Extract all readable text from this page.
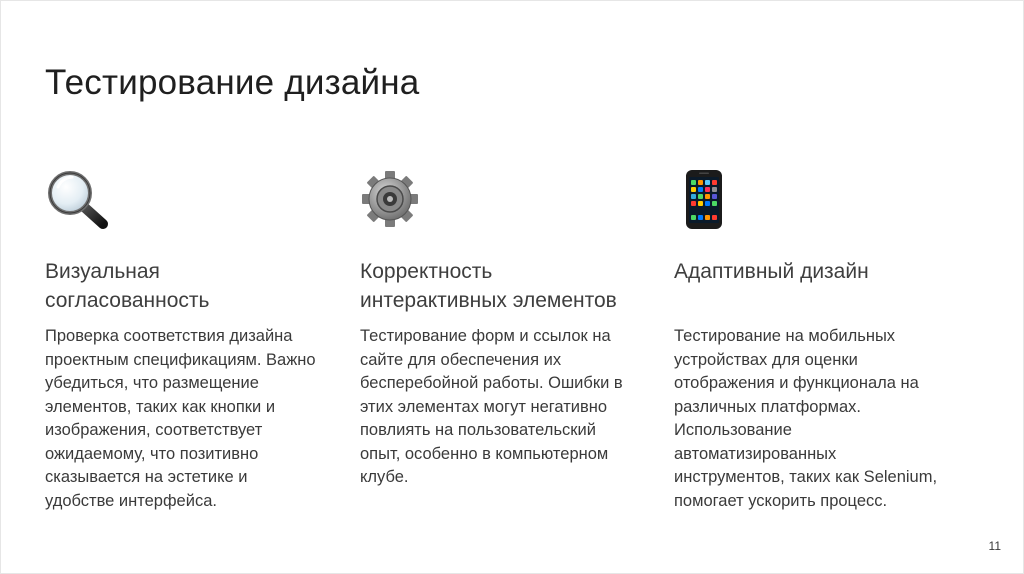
Тестирование дизайна
Визуальная согласованность

Проверка соответствия дизайна проектным спецификациям. Важно убедиться, что размещение элементов, таких как кнопки и изображения, соответствует ожидаемому, что позитивно сказывается на эстетике и удобстве интерфейса.

Корректность интерактивных элементов

Тестирование форм и ссылок на сайте для обеспечения их бесперебойной работы. Ошибки в этих элементах могут негативно повлиять на пользовательский опыт, особенно в компьютерном клубе.

Адаптивный дизайн

Тестирование на мобильных устройствах для оценки отображения и функционала на различных платформах. Использование автоматизированных инструментов, таких как Selenium, помогает ускорить процесс.

11
